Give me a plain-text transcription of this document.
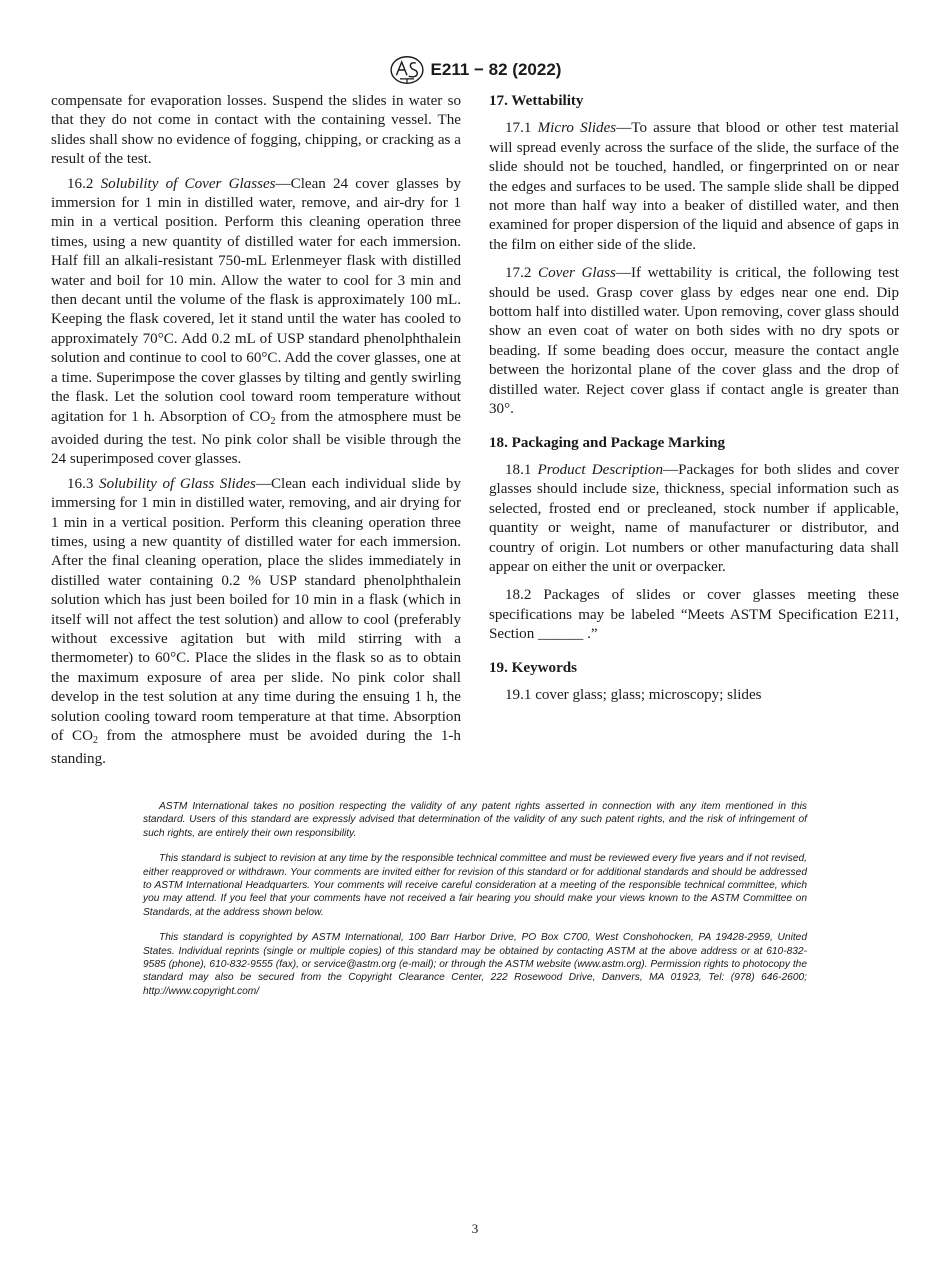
E211 − 82 (2022)

compensate for evaporation losses. Suspend the slides in water so that they do not come in contact with the containing vessel. The slides shall show no evidence of fogging, chipping, or cracking as a result of the test.

16.2 Solubility of Cover Glasses—Clean 24 cover glasses by immersion for 1 min in distilled water, remove, and air-dry for 1 min in a vertical position. Perform this cleaning operation three times, using a new quantity of distilled water for each immersion. Half fill an alkali-resistant 750-mL Erlenmeyer flask with distilled water and boil for 10 min. Allow the water to cool for 3 min and then decant until the volume of the flask is approximately 100 mL. Keeping the flask covered, let it stand until the water has cooled to approximately 70°C. Add 0.2 mL of USP standard phenolphthalein solution and continue to cool to 60°C. Add the cover glasses, one at a time. Superimpose the cover glasses by tilting and gently swirling the flask. Let the solution cool toward room temperature without agitation for 1 h. Absorption of $CO_2$ from the atmosphere must be avoided during the test. No pink color shall be visible through the 24 superimposed cover glasses.

16.3 Solubility of Glass Slides—Clean each individual slide by immersing for 1 min in distilled water, removing, and air drying for 1 min in a vertical position. Perform this cleaning operation three times, using a new quantity of distilled water for each immersion. After the final cleaning operation, place the slides immediately in distilled water containing 0.2 % USP standard phenolphthalein solution which has just been boiled for 10 min in a flask (which in itself will not affect the test solution) and allow to cool (preferably without excessive agitation but with mild stirring with a thermometer) to 60°C. Place the slides in the flask so as to obtain the maximum exposure of area per slide. No pink color shall develop in the test solution at any time during the ensuing 1 h, the solution cooling toward room temperature at that time. Absorption of $CO_2$ from the atmosphere must be avoided during the 1-h standing.

17. Wettability

17.1 Micro Slides—To assure that blood or other test material will spread evenly across the surface of the slide, the surface of the slide should not be touched, handled, or fingerprinted on or near the edges and surfaces to be used. The sample slide shall be dipped not more than half way into a beaker of distilled water, and then examined for proper dispersion of the liquid and absence of gaps in the film on either side of the slide.

17.2 Cover Glass—If wettability is critical, the following test should be used. Grasp cover glass by edges near one end. Dip bottom half into distilled water. Upon removing, cover glass should show an even coat of water on both sides with no dry spots or beading. If some beading does occur, measure the contact angle between the horizontal plane of the cover glass and the drop of distilled water. Reject cover glass if contact angle is greater than 30°.

18. Packaging and Package Marking

18.1 Product Description—Packages for both slides and cover glasses should include size, thickness, special information such as selected, frosted end or precleaned, stock number if applicable, quantity or weight, name of manufacturer or distributor, and country of origin. Lot numbers or other manufacturing data shall appear on either the unit or overpacker.

18.2 Packages of slides or cover glasses meeting these specifications may be labeled “Meets ASTM Specification E211, Section ______ .”

19. Keywords

19.1 cover glass; glass; microscopy; slides

ASTM International takes no position respecting the validity of any patent rights asserted in connection with any item mentioned in this standard. Users of this standard are expressly advised that determination of the validity of any such patent rights, and the risk of infringement of such rights, are entirely their own responsibility.

This standard is subject to revision at any time by the responsible technical committee and must be reviewed every five years and if not revised, either reapproved or withdrawn. Your comments are invited either for revision of this standard or for additional standards and should be addressed to ASTM International Headquarters. Your comments will receive careful consideration at a meeting of the responsible technical committee, which you may attend. If you feel that your comments have not received a fair hearing you should make your views known to the ASTM Committee on Standards, at the address shown below.

This standard is copyrighted by ASTM International, 100 Barr Harbor Drive, PO Box C700, West Conshohocken, PA 19428-2959, United States. Individual reprints (single or multiple copies) of this standard may be obtained by contacting ASTM at the above address or at 610-832-9585 (phone), 610-832-9555 (fax), or service@astm.org (e-mail); or through the ASTM website (www.astm.org). Permission rights to photocopy the standard may also be secured from the Copyright Clearance Center, 222 Rosewood Drive, Danvers, MA 01923, Tel: (978) 646-2600; http://www.copyright.com/

3
